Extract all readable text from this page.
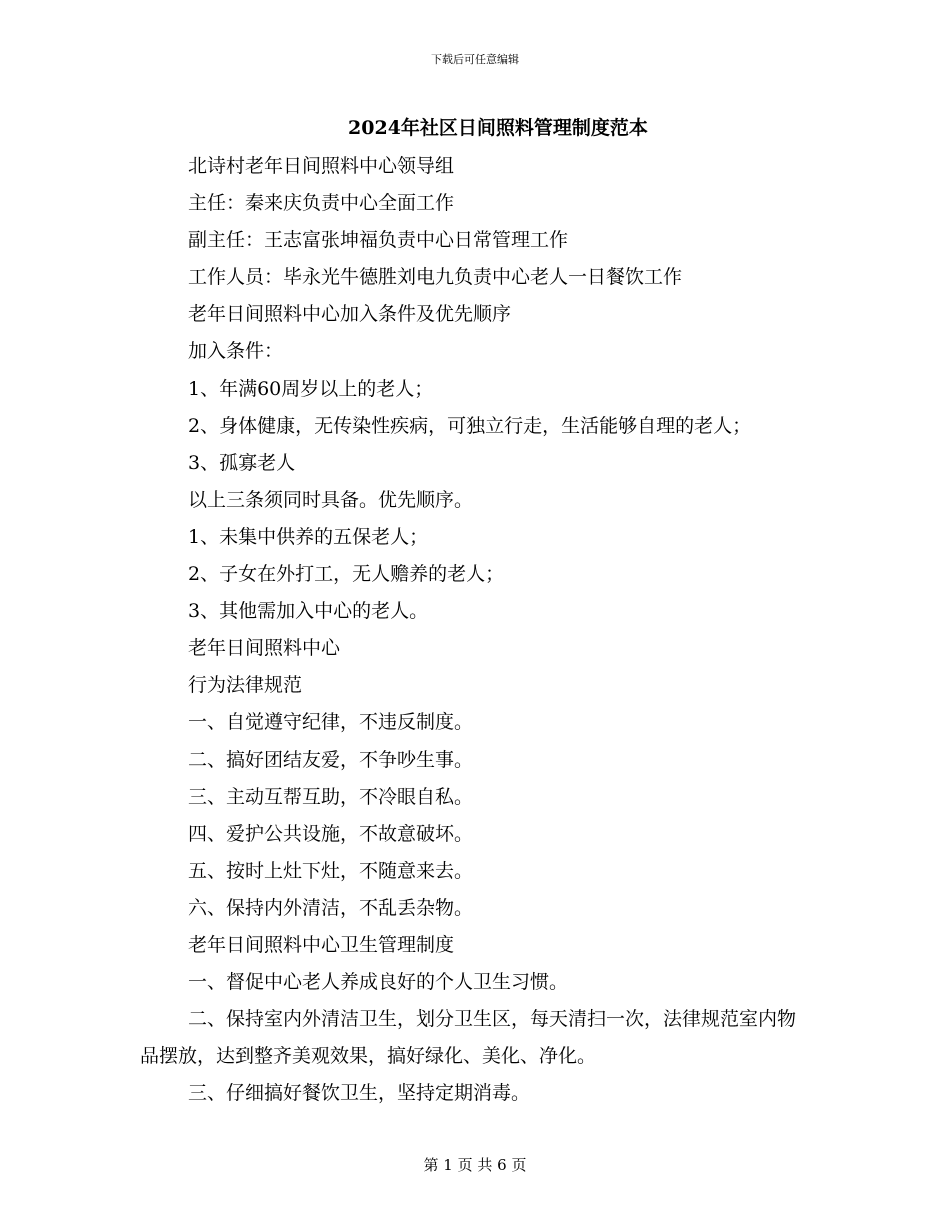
下载后可任意编辑
2024年社区日间照料管理制度范本

北诗村老年日间照料中心领导组

主任：秦来庆负责中心全面工作

副主任：王志富张坤福负责中心日常管理工作

工作人员：毕永光牛德胜刘电九负责中心老人一日餐饮工作

老年日间照料中心加入条件及优先顺序

加入条件：

1、年满60周岁以上的老人；

2、身体健康，无传染性疾病，可独立行走，生活能够自理的老人；

3、孤寡老人

以上三条须同时具备。优先顺序。

1、未集中供养的五保老人；

2、子女在外打工，无人赡养的老人；

3、其他需加入中心的老人。

老年日间照料中心

行为法律规范

一、自觉遵守纪律，不违反制度。

二、搞好团结友爱，不争吵生事。

三、主动互帮互助，不冷眼自私。

四、爱护公共设施，不故意破坏。

五、按时上灶下灶，不随意来去。

六、保持内外清洁，不乱丢杂物。

老年日间照料中心卫生管理制度

一、督促中心老人养成良好的个人卫生习惯。

二、保持室内外清洁卫生，划分卫生区，每天清扫一次，法律规范室内物品摆放，达到整齐美观效果，搞好绿化、美化、净化。

三、仔细搞好餐饮卫生，坚持定期消毒。

第 1 页 共 6 页
